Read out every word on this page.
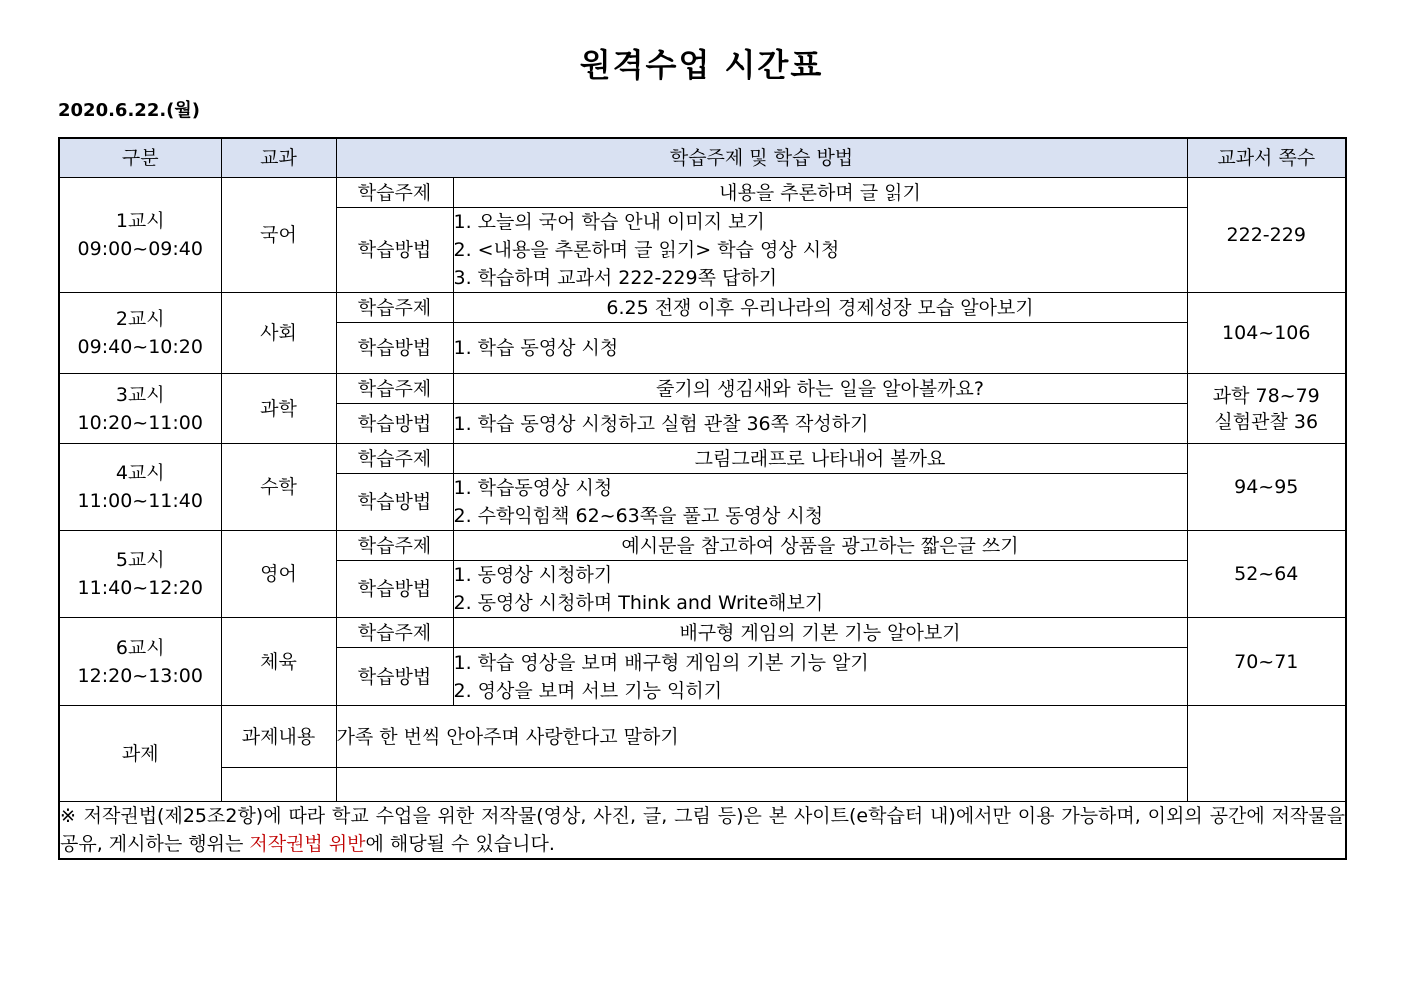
원격수업 시간표
2020.6.22.(월)
구분	교과	학습주제 및 학습 방법		교과서 쪽수
1교시
09:00~09:40	국어	학습주제	내용을 추론하며 글 읽기	222-229
		학습방법	1. 오늘의 국어 학습 안내 이미지 보기
2. <내용을 추론하며 글 읽기> 학습 영상 시청
3. 학습하며 교과서 222-229쪽 답하기	

2교시
09:40~10:20	사회	학습주제	6.25 전쟁 이후 우리나라의 경제성장 모습 알아보기	104~106
		학습방법	1. 학습 동영상 시청	

3교시
10:20~11:00	과학	학습주제	줄기의 생김새와 하는 일을 알아볼까요?	과학 78~79
실험관찰 36
		학습방법	1. 학습 동영상 시청하고 실험 관찰 36쪽 작성하기	

4교시
11:00~11:40	수학	학습주제	그림그래프로 나타내어 볼까요	94~95
		학습방법	1. 학습동영상 시청
2. 수학익힘책 62~63쪽을 풀고 동영상 시청	

5교시
11:40~12:20	영어	학습주제	예시문을 참고하여 상품을 광고하는 짧은글 쓰기	52~64
		학습방법	1. 동영상 시청하기
2. 동영상 시청하며 Think and Write해보기	

6교시
12:20~13:00	체육	학습주제	배구형 게임의 기본 기능 알아보기	70~71
		학습방법	1. 학습 영상을 보며 배구형 게임의 기본 기능 알기
2. 영상을 보며 서브 기능 익히기	

과제	과제내용	가족 한 번씩 안아주며 사랑한다고 말하기		

※ 저작권법(제25조2항)에 따라 학교 수업을 위한 저작물(영상, 사진, 글, 그림 등)은 본 사이트(e학습터 내)에서만 이용 가능하며, 이외의 공간에 저작물을 공유, 게시하는 행위는 저작권법 위반에 해당될 수 있습니다.				
